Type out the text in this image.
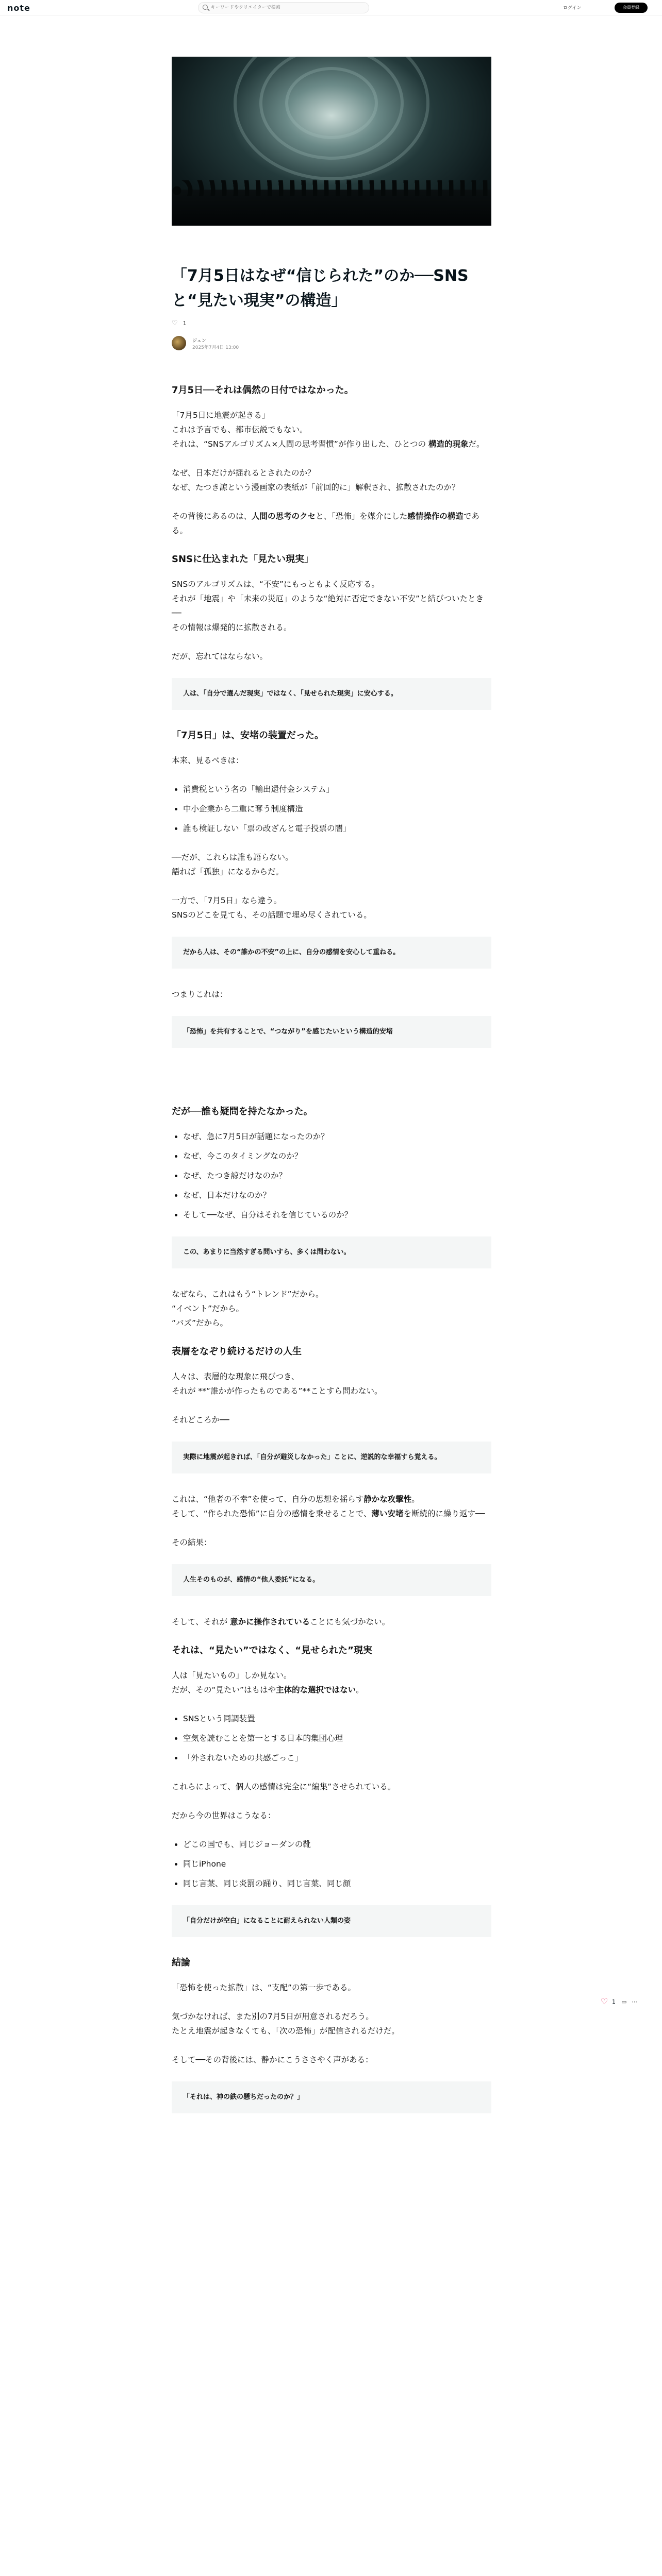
note
キーワードやクリエイターで検索	ログイン	会員登録
「7月5日はなぜ“信じられた”のか──SNSと“見たい現実”の構造」
♡ 1
ジュン
2025年7月4日 13:00
7月5日──それは偶然の日付ではなかった。

「7月5日に地震が起きる」
これは予言でも、都市伝説でもない。
それは、“SNSアルゴリズム×人間の思考習慣”が作り出した、ひとつの 構造的現象だ。

なぜ、日本だけが揺れるとされたのか？
なぜ、たつき諒という漫画家の表紙が「前回的に」解釈され、拡散されたのか？

その背後にあるのは、人間の思考のクセと、「恐怖」を媒介にした感情操作の構造である。

SNSに仕込まれた「見たい現実」

SNSのアルゴリズムは、“不安”にもっともよく反応する。
それが「地震」や「未来の災厄」のような“絶対に否定できない不安”と結びついたとき──
その情報は爆発的に拡散される。

だが、忘れてはならない。

人は、「自分で選んだ現実」ではなく、「見せられた現実」に安心する。
「7月5日」は、安堵の装置だった。

本来、見るべきは：

• 消費税という名の「輸出還付金システム」
• 中小企業から二重に奪う制度構造
• 誰も検証しない「票の改ざんと電子投票の闇」

──だが、これらは誰も語らない。
語れば「孤独」になるからだ。

一方で、「7月5日」なら違う。
SNSのどこを見ても、その話題で埋め尽くされている。

だから人は、その“誰かの不安”の上に、自分の感情を安心して重ねる。

つまりこれは：

「恐怖」を共有することで、“つながり”を感じたいという構造的安堵
だが──誰も疑問を持たなかった。
• なぜ、急に7月5日が話題になったのか？
• なぜ、今このタイミングなのか？
• なぜ、たつき諒だけなのか？
• なぜ、日本だけなのか？
• そして──なぜ、自分はそれを信じているのか？
この、あまりに当然すぎる問いすら、多くは問わない。

なぜなら、これはもう“トレンド”だから。
“イベント”だから。
“バズ”だから。

表層をなぞり続けるだけの人生

人々は、表層的な現象に飛びつき、
それが **“誰かが作ったものである”**ことすら問わない。

それどころか──

実際に地震が起きれば、「自分が避災しなかった」ことに、逆説的な幸福すら覚える。

これは、“他者の不幸”を使って、自分の思想を揺らす静かな攻撃性。
そして、“作られた恐怖”に自分の感情を乗せることで、薄い安堵を断続的に繰り返す──

その結果：

人生そのものが、感情の“他人委託”になる。

そして、それが 意かに操作されていることにも気づかない。

それは、“見たい”ではなく、“見せられた”現実

人は「見たいもの」しか見ない。
だが、その“見たい”はもはや主体的な選択ではない。

• SNSという同調装置
• 空気を読むことを第一とする日本的集団心理
• 「外されないための共感ごっこ」

これらによって、個人の感情は完全に“編集”させられている。

だから今の世界はこうなる：

• どこの国でも、同じジョーダンの靴
• 同じiPhone
• 同じ言葉、同じ炎罰の踊り、同じ言葉、同じ顔
「自分だけが空白」になることに耐えられない人類の姿
結論

「恐怖を使った拡散」は、“支配”の第一歩である。

気づかなければ、また別の7月5日が用意されるだろう。
たとえ地震が起きなくても、「次の恐怖」が配信されるだけだ。

そして──その背後には、静かにこうささやく声がある：

「それは、神の鉄の懸ちだったのか？」
♡ 1 ▭ ⋯
